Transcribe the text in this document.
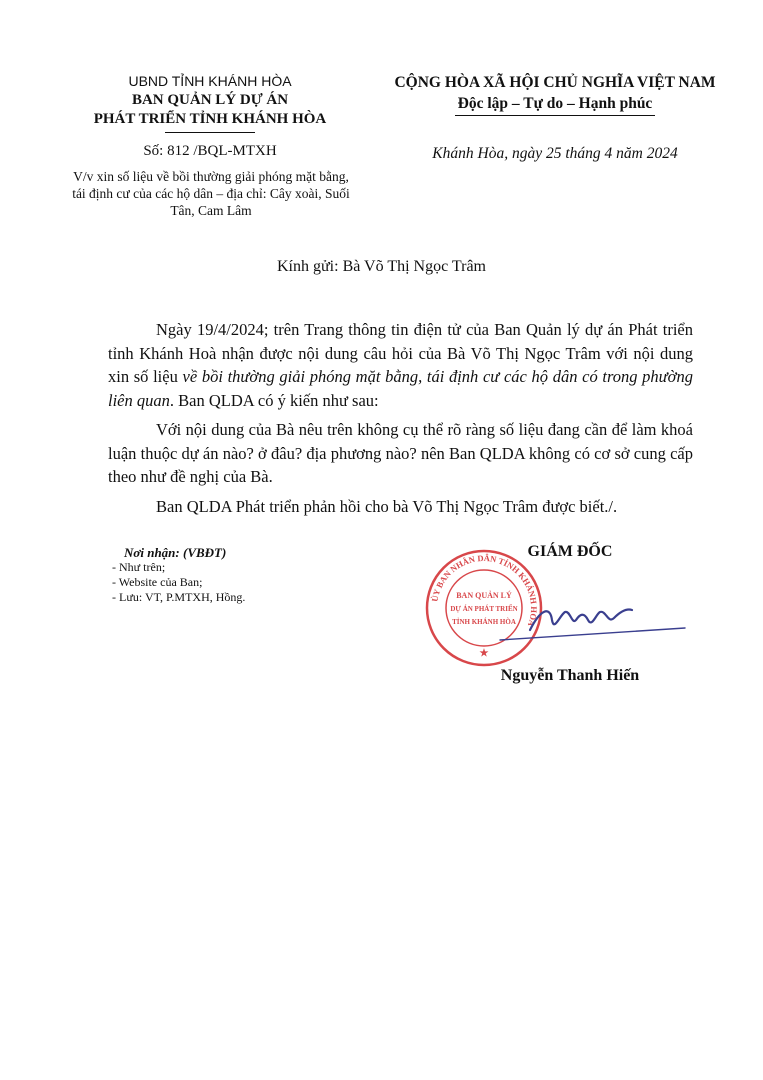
UBND TỈNH KHÁNH HÒA
BAN QUẢN LÝ DỰ ÁN
PHÁT TRIỂN TỈNH KHÁNH HÒA
Số: 812 /BQL-MTXH
V/v xin số liệu về bồi thường giải phóng mặt bằng, tái định cư của các hộ dân – địa chỉ: Cây xoài, Suối Tân, Cam Lâm
CỘNG HÒA XÃ HỘI CHỦ NGHĨA VIỆT NAM
Độc lập – Tự do – Hạnh phúc
Khánh Hòa, ngày 25 tháng 4 năm 2024
Kính gửi: Bà Võ Thị Ngọc Trâm

Ngày 19/4/2024; trên Trang thông tin điện tử của Ban Quản lý dự án Phát triển tỉnh Khánh Hoà nhận được nội dung câu hỏi của Bà Võ Thị Ngọc Trâm với nội dung xin số liệu về bồi thường giải phóng mặt bằng, tái định cư các hộ dân có trong phường liên quan. Ban QLDA có ý kiến như sau:

Với nội dung của Bà nêu trên không cụ thể rõ ràng số liệu đang cần để làm khoá luận thuộc dự án nào? ở đâu? địa phương nào? nên Ban QLDA không có cơ sở cung cấp theo như đề nghị của Bà.

Ban QLDA Phát triển phản hồi cho bà Võ Thị Ngọc Trâm được biết./.

Nơi nhận: (VBĐT)
- Như trên;
- Website của Ban;
- Lưu: VT, P.MTXH, Hồng.
GIÁM ĐỐC
ỦY BAN NHÂN DÂN TỈNH KHÁNH HÒA
BAN QUẢN LÝ
DỰ ÁN PHÁT TRIỂN
TỈNH KHÁNH HÒA
★
Nguyễn Thanh Hiến
